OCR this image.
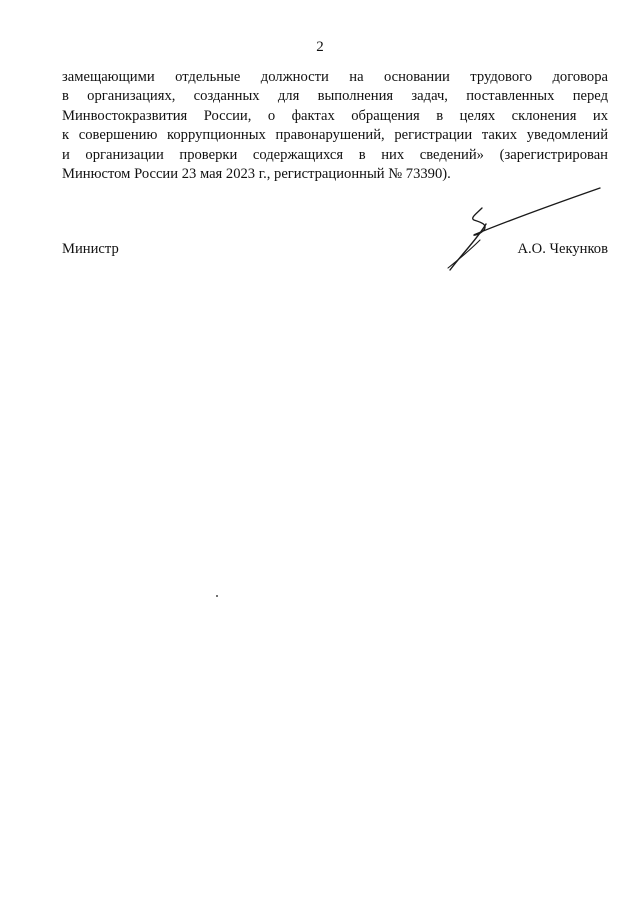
2
замещающими отдельные должности на основании трудового договора
в организациях, созданных для выполнения задач, поставленных перед
Минвостокразвития России, о фактах обращения в целях склонения их
к совершению коррупционных правонарушений, регистрации таких уведомлений
и организации проверки содержащихся в них сведений» (зарегистрирован
Минюстом России 23 мая 2023 г., регистрационный № 73390).
Министр	А.О. Чекунков
